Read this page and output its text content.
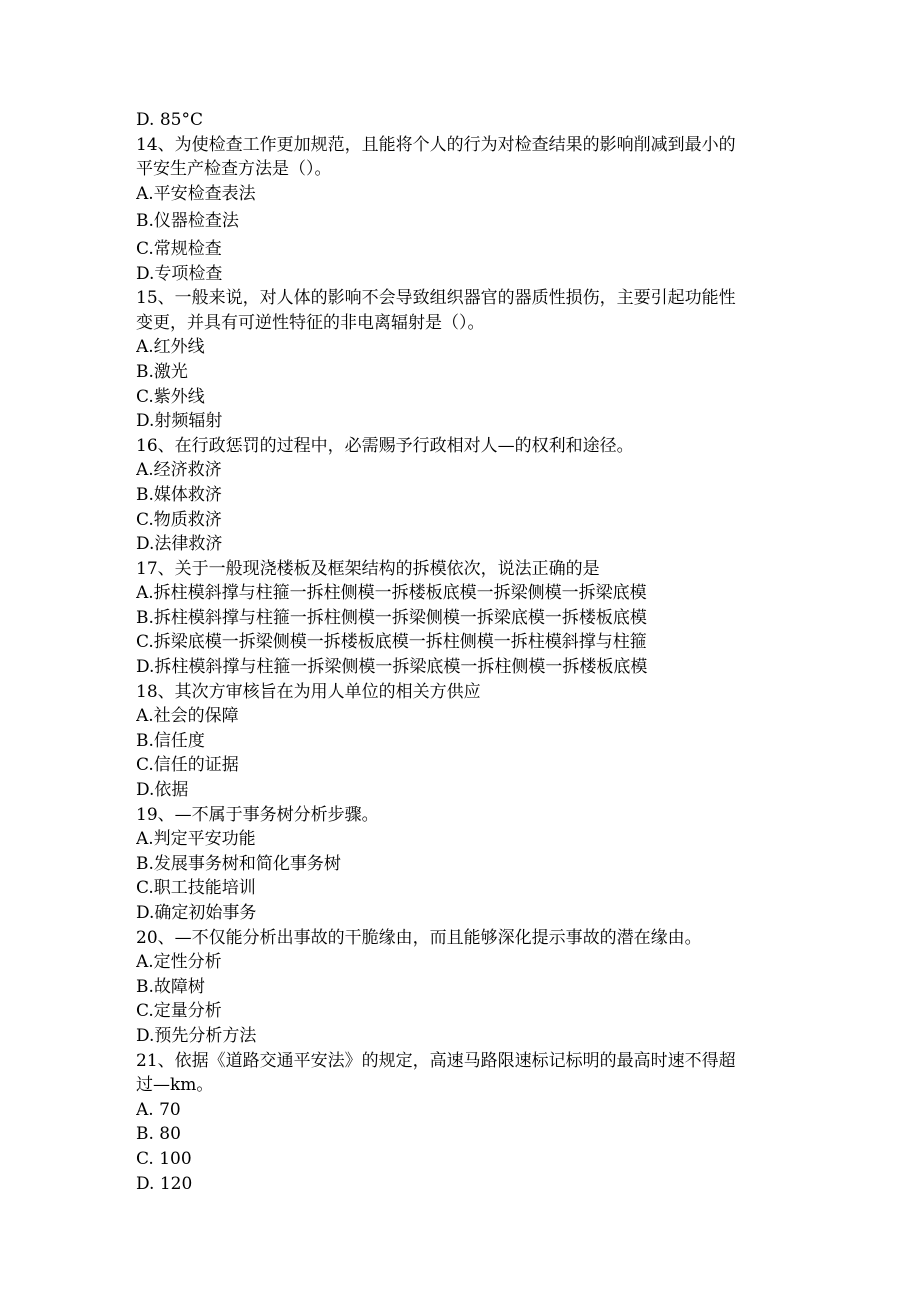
D. 85°C
14、为使检查工作更加规范，且能将个人的行为对检查结果的影响削减到最小的
平安生产检查方法是（）。
A.平安检查表法
B.仪器检查法
C.常规检查
D.专项检查
15、一般来说，对人体的影响不会导致组织器官的器质性损伤，主要引起功能性
变更，并具有可逆性特征的非电离辐射是（）。
A.红外线
B.激光
C.紫外线
D.射频辐射
16、在行政惩罚的过程中，必需赐予行政相对人—的权利和途径。
A.经济救济
B.媒体救济
C.物质救济
D.法律救济
17、关于一般现浇楼板及框架结构的拆模依次，说法正确的是
A.拆柱模斜撑与柱箍一拆柱侧模一拆楼板底模一拆梁侧模一拆梁底模
B.拆柱模斜撑与柱箍一拆柱侧模一拆梁侧模一拆梁底模一拆楼板底模
C.拆梁底模一拆梁侧模一拆楼板底模一拆柱侧模一拆柱模斜撑与柱箍
D.拆柱模斜撑与柱箍一拆梁侧模一拆梁底模一拆柱侧模一拆楼板底模
18、其次方审核旨在为用人单位的相关方供应
A.社会的保障
B.信任度
C.信任的证据
D.依据
19、—不属于事务树分析步骤。
A.判定平安功能
B.发展事务树和简化事务树
C.职工技能培训
D.确定初始事务
20、—不仅能分析出事故的干脆缘由，而且能够深化提示事故的潜在缘由。
A.定性分析
B.故障树
C.定量分析
D.预先分析方法
21、依据《道路交通平安法》的规定，高速马路限速标记标明的最高时速不得超
过—km。
A. 70
B. 80
C. 100
D. 120
